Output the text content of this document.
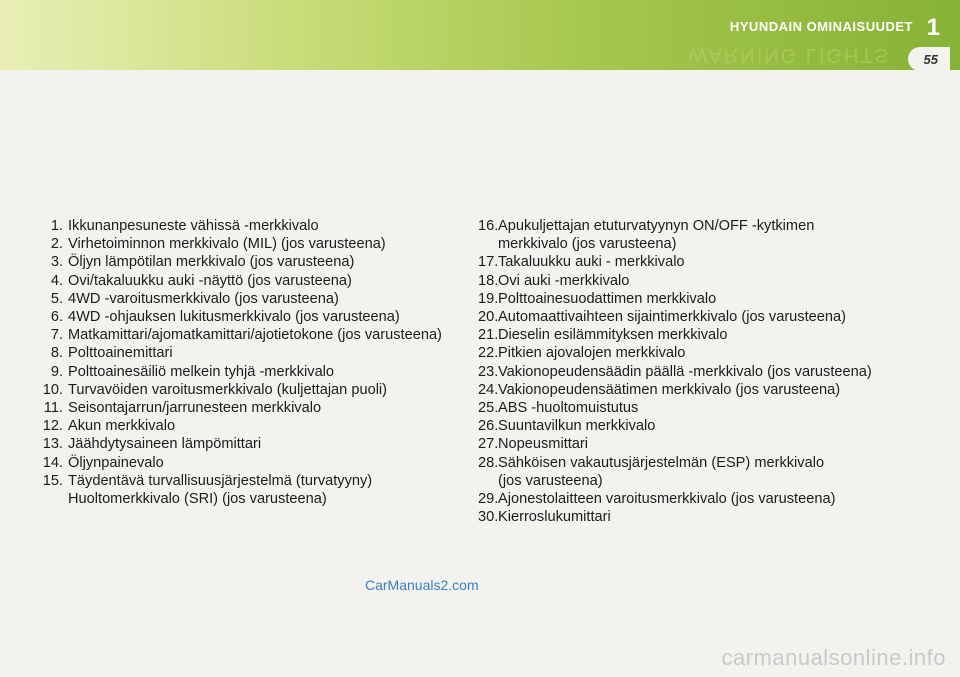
WARNING LIGHTS
HYUNDAIN OMINAISUUDET 1
55
1. Ikkunanpesuneste vähissä -merkkivalo
2. Virhetoiminnon merkkivalo (MIL) (jos varusteena)
3. Öljyn lämpötilan merkkivalo (jos varusteena)
4. Ovi/takaluukku auki -näyttö (jos varusteena)
5. 4WD -varoitusmerkkivalo (jos varusteena)
6. 4WD -ohjauksen lukitusmerkkivalo (jos varusteena)
7. Matkamittari/ajomatkamittari/ajotietokone (jos varusteena)
8. Polttoainemittari
9. Polttoainesäiliö melkein tyhjä -merkkivalo
10. Turvavöiden varoitusmerkkivalo (kuljettajan puoli)
11. Seisontajarrun/jarrunesteen merkkivalo
12. Akun merkkivalo
13. Jäähdytysaineen lämpömittari
14. Öljynpainevalo
15. Täydentävä turvallisuusjärjestelmä (turvatyyny)
Huoltomerkkivalo (SRI) (jos varusteena)
16. Apukuljettajan etuturvatyynyn ON/OFF -kytkimen
merkkivalo (jos varusteena)
17. Takaluukku auki - merkkivalo
18. Ovi auki -merkkivalo
19. Polttoainesuodattimen merkkivalo
20. Automaattivaihteen sijaintimerkkivalo (jos varusteena)
21. Dieselin esilämmityksen merkkivalo
22. Pitkien ajovalojen merkkivalo
23. Vakionopeudensäädin päällä -merkkivalo (jos varusteena)
24. Vakionopeudensäätimen merkkivalo (jos varusteena)
25. ABS -huoltomuistutus
26. Suuntavilkun merkkivalo
27. Nopeusmittari
28. Sähköisen vakautusjärjestelmän (ESP) merkkivalo
(jos varusteena)
29. Ajonestolaitteen varoitusmerkkivalo (jos varusteena)
30. Kierroslukumittari
CarManuals2.com
carmanualsonline.info
